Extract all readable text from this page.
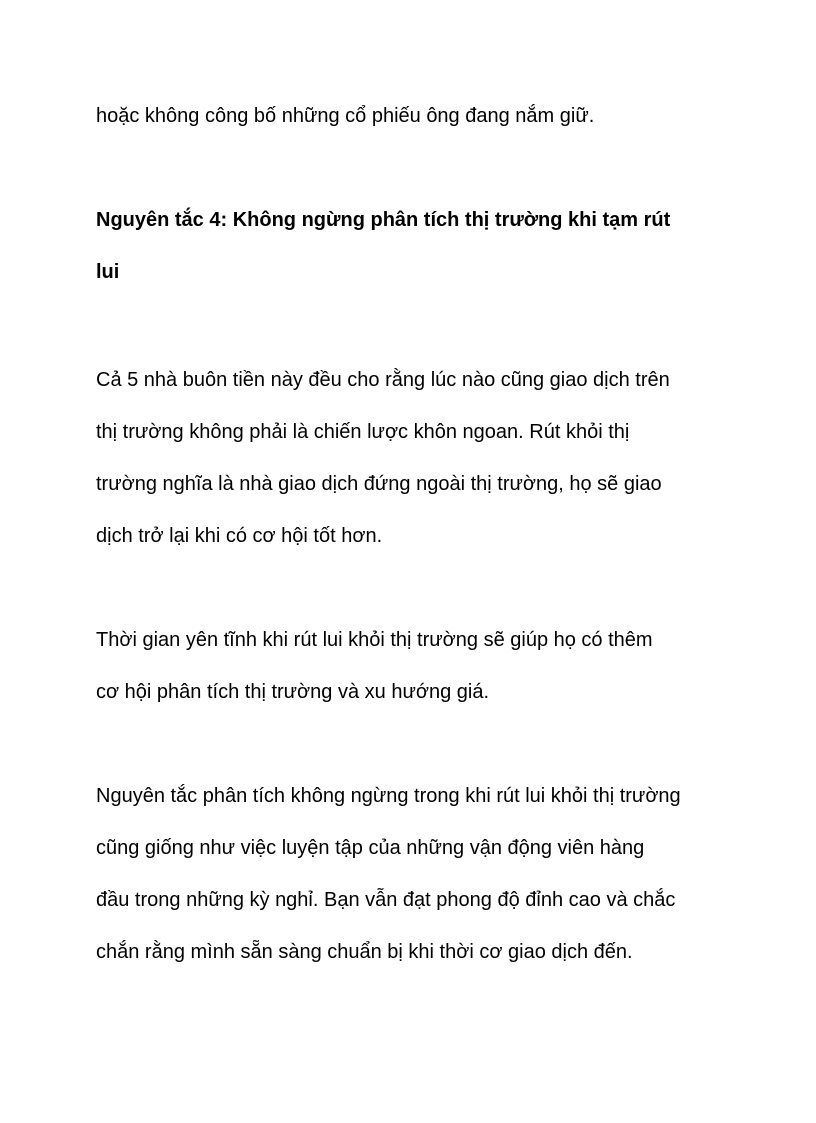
hoặc không công bố những cổ phiếu ông đang nắm giữ.
Nguyên tắc 4: Không ngừng phân tích thị trường khi tạm rút
lui
Cả 5 nhà buôn tiền này đều cho rằng lúc nào cũng giao dịch trên
thị trường không phải là chiến lược khôn ngoan. Rút khỏi thị
trường nghĩa là nhà giao dịch đứng ngoài thị trường, họ sẽ giao
dịch trở lại khi có cơ hội tốt hơn.
Thời gian yên tĩnh khi rút lui khỏi thị trường sẽ giúp họ có thêm
cơ hội phân tích thị trường và xu hướng giá.
Nguyên tắc phân tích không ngừng trong khi rút lui khỏi thị trường
cũng giống như việc luyện tập của những vận động viên hàng
đầu trong những kỳ nghỉ. Bạn vẫn đạt phong độ đỉnh cao và chắc
chắn rằng mình sẵn sàng chuẩn bị khi thời cơ giao dịch đến.
